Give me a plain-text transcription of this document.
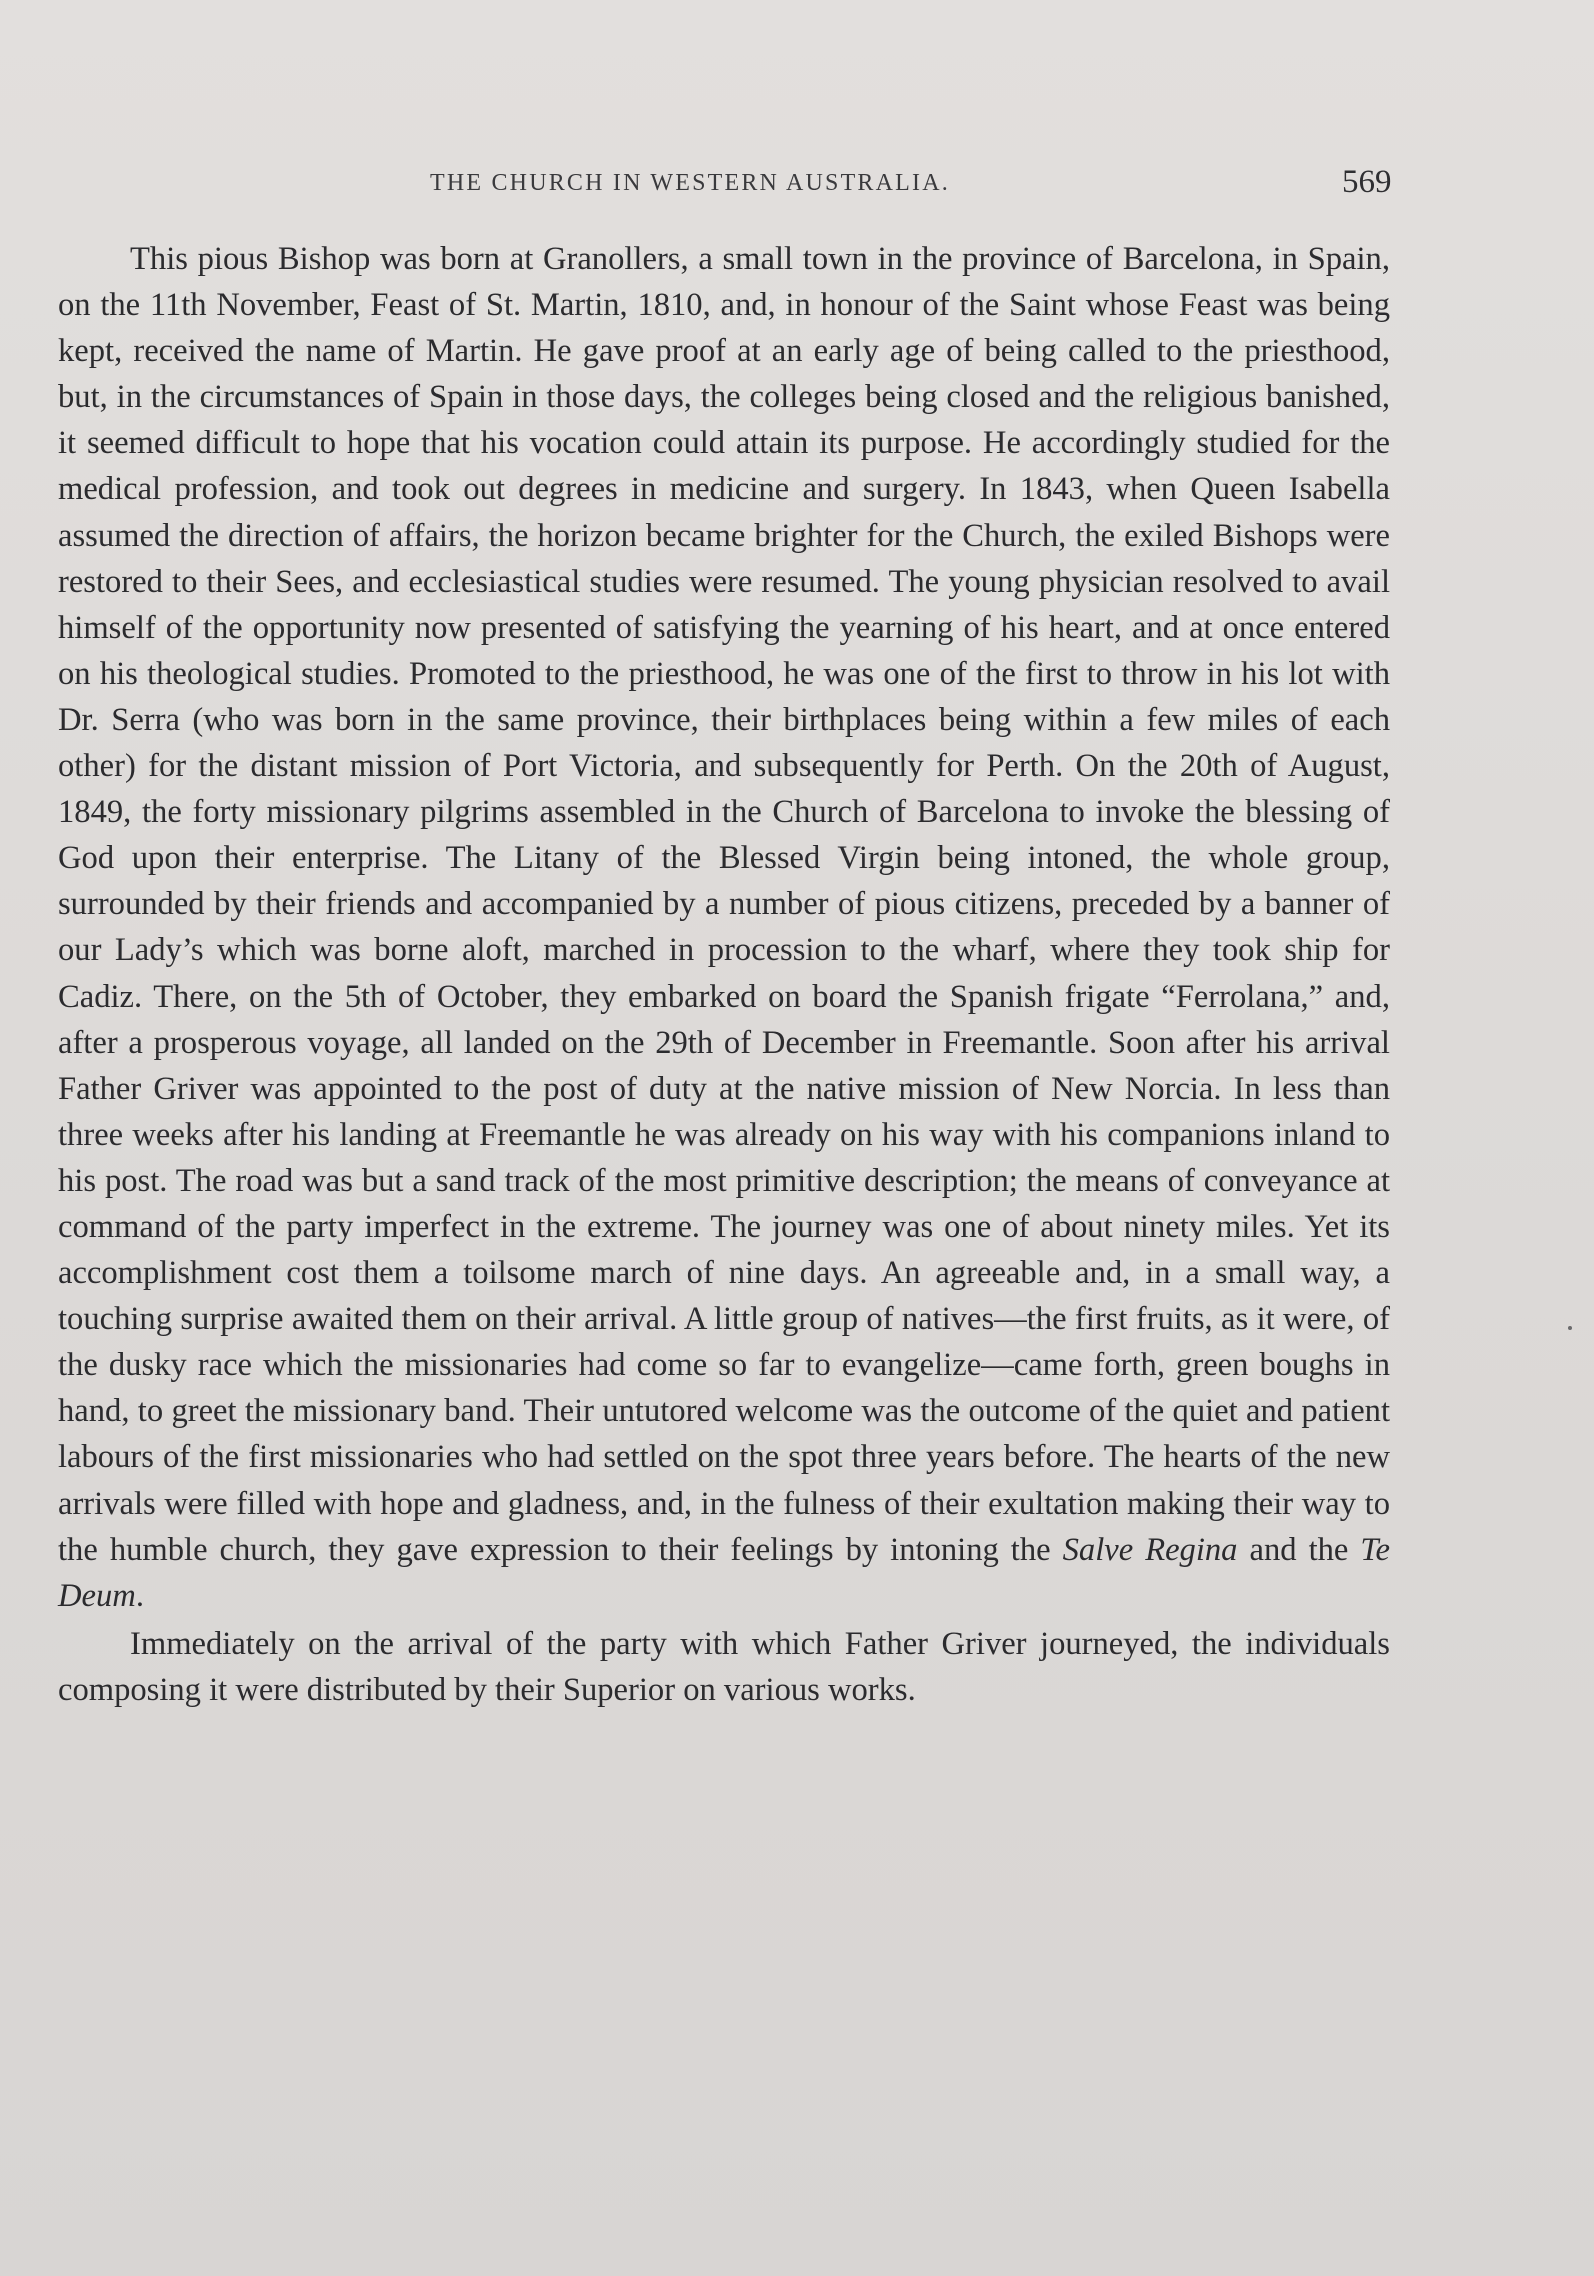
THE CHURCH IN WESTERN AUSTRALIA.	569

This pious Bishop was born at Granollers, a small town in the province of Barcelona, in Spain, on the 11th November, Feast of St. Martin, 1810, and, in honour of the Saint whose Feast was being kept, received the name of Martin. He gave proof at an early age of being called to the priesthood, but, in the circumstances of Spain in those days, the colleges being closed and the religious banished, it seemed difficult to hope that his vocation could attain its purpose. He accordingly studied for the medical profession, and took out degrees in medicine and surgery. In 1843, when Queen Isabella assumed the direction of affairs, the horizon became brighter for the Church, the exiled Bishops were restored to their Sees, and ecclesiastical studies were resumed. The young physician resolved to avail himself of the opportunity now presented of satisfying the yearning of his heart, and at once entered on his theological studies. Promoted to the priesthood, he was one of the first to throw in his lot with Dr. Serra (who was born in the same province, their birthplaces being within a few miles of each other) for the distant mission of Port Victoria, and subsequently for Perth. On the 20th of August, 1849, the forty missionary pilgrims assembled in the Church of Barcelona to invoke the blessing of God upon their enterprise. The Litany of the Blessed Virgin being intoned, the whole group, surrounded by their friends and accompanied by a number of pious citizens, preceded by a banner of our Lady’s which was borne aloft, marched in procession to the wharf, where they took ship for Cadiz. There, on the 5th of October, they embarked on board the Spanish frigate “Ferrolana,” and, after a prosperous voyage, all landed on the 29th of December in Freemantle. Soon after his arrival Father Griver was appointed to the post of duty at the native mission of New Norcia. In less than three weeks after his landing at Freemantle he was already on his way with his companions inland to his post. The road was but a sand track of the most primitive description; the means of conveyance at command of the party imperfect in the extreme. The journey was one of about ninety miles. Yet its accomplishment cost them a toilsome march of nine days. An agreeable and, in a small way, a touching surprise awaited them on their arrival. A little group of natives—the first fruits, as it were, of the dusky race which the missionaries had come so far to evangelize—came forth, green boughs in hand, to greet the missionary band. Their untutored welcome was the outcome of the quiet and patient labours of the first missionaries who had settled on the spot three years before. The hearts of the new arrivals were filled with hope and gladness, and, in the fulness of their exultation making their way to the humble church, they gave expression to their feelings by intoning the Salve Regina and the Te Deum.

Immediately on the arrival of the party with which Father Griver journeyed, the individuals composing it were distributed by their Superior on various works.
